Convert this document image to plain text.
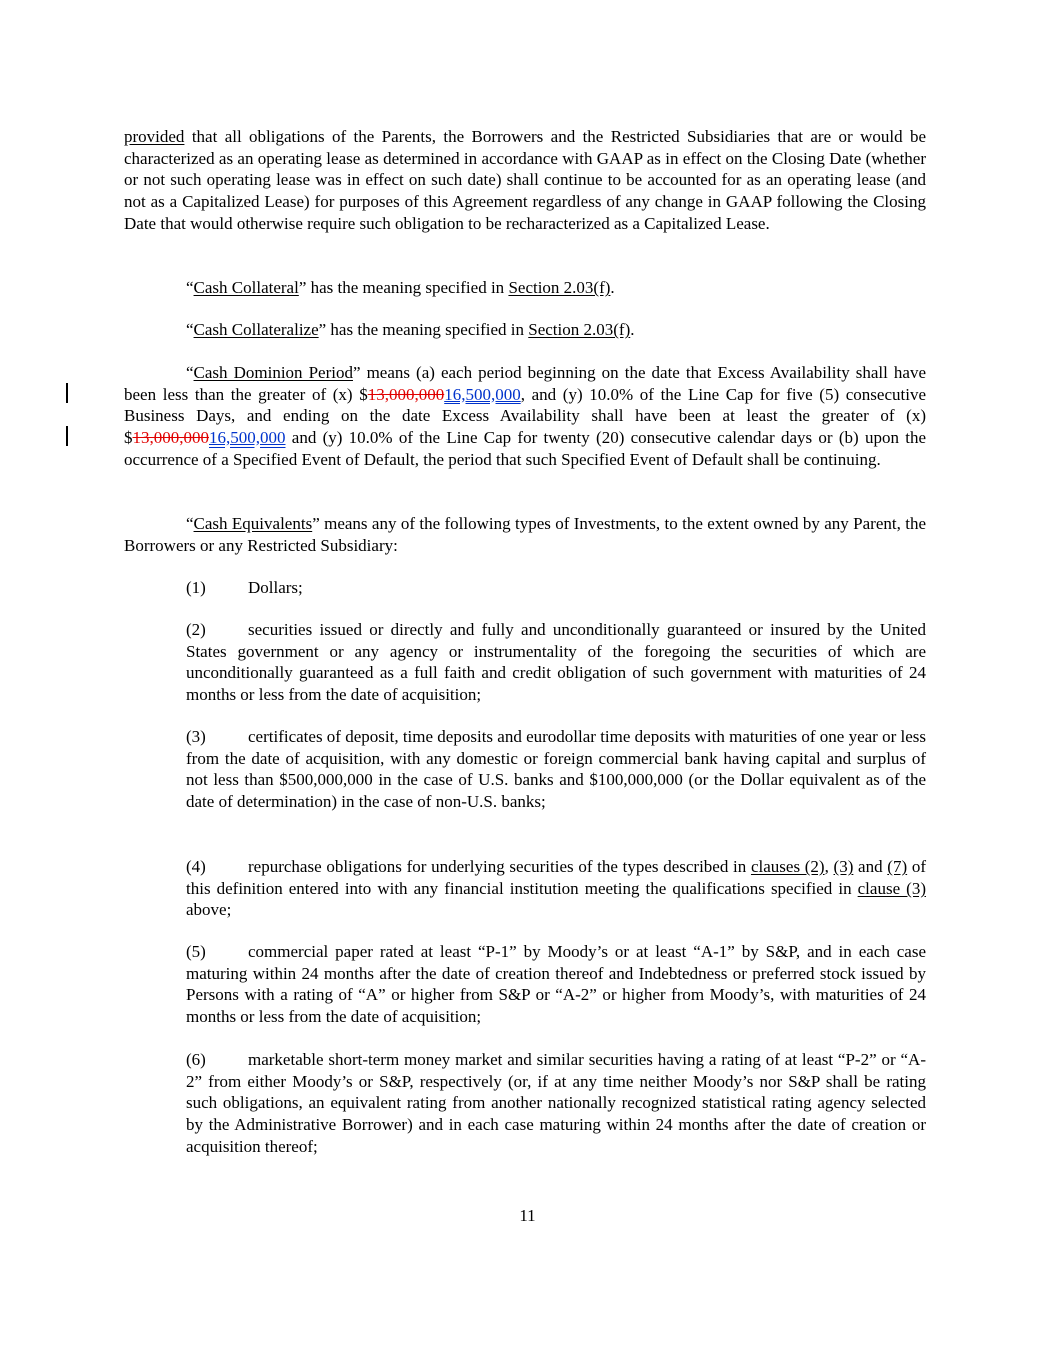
provided that all obligations of the Parents, the Borrowers and the Restricted Subsidiaries that are or would be characterized as an operating lease as determined in accordance with GAAP as in effect on the Closing Date (whether or not such operating lease was in effect on such date) shall continue to be accounted for as an operating lease (and not as a Capitalized Lease) for purposes of this Agreement regardless of any change in GAAP following the Closing Date that would otherwise require such obligation to be recharacterized as a Capitalized Lease.

“Cash Collateral” has the meaning specified in Section 2.03(f).

“Cash Collateralize” has the meaning specified in Section 2.03(f).

“Cash Dominion Period” means (a) each period beginning on the date that Excess Availability shall have been less than the greater of (x) $13,000,00016,500,000, and (y) 10.0% of the Line Cap for five (5) consecutive Business Days, and ending on the date Excess Availability shall have been at least the greater of (x) $13,000,00016,500,000 and (y) 10.0% of the Line Cap for twenty (20) consecutive calendar days or (b) upon the occurrence of a Specified Event of Default, the period that such Specified Event of Default shall be continuing.

“Cash Equivalents” means any of the following types of Investments, to the extent owned by any Parent, the Borrowers or any Restricted Subsidiary:

(1) Dollars;

(2) securities issued or directly and fully and unconditionally guaranteed or insured by the United States government or any agency or instrumentality of the foregoing the securities of which are unconditionally guaranteed as a full faith and credit obligation of such government with maturities of 24 months or less from the date of acquisition;

(3) certificates of deposit, time deposits and eurodollar time deposits with maturities of one year or less from the date of acquisition, with any domestic or foreign commercial bank having capital and surplus of not less than $500,000,000 in the case of U.S. banks and $100,000,000 (or the Dollar equivalent as of the date of determination) in the case of non-U.S. banks;

(4) repurchase obligations for underlying securities of the types described in clauses (2), (3) and (7) of this definition entered into with any financial institution meeting the qualifications specified in clause (3) above;

(5) commercial paper rated at least “P-1” by Moody’s or at least “A-1” by S&P, and in each case maturing within 24 months after the date of creation thereof and Indebtedness or preferred stock issued by Persons with a rating of “A” or higher from S&P or “A-2” or higher from Moody’s, with maturities of 24 months or less from the date of acquisition;

(6) marketable short-term money market and similar securities having a rating of at least “P-2” or “A-2” from either Moody’s or S&P, respectively (or, if at any time neither Moody’s nor S&P shall be rating such obligations, an equivalent rating from another nationally recognized statistical rating agency selected by the Administrative Borrower) and in each case maturing within 24 months after the date of creation or acquisition thereof;

11
